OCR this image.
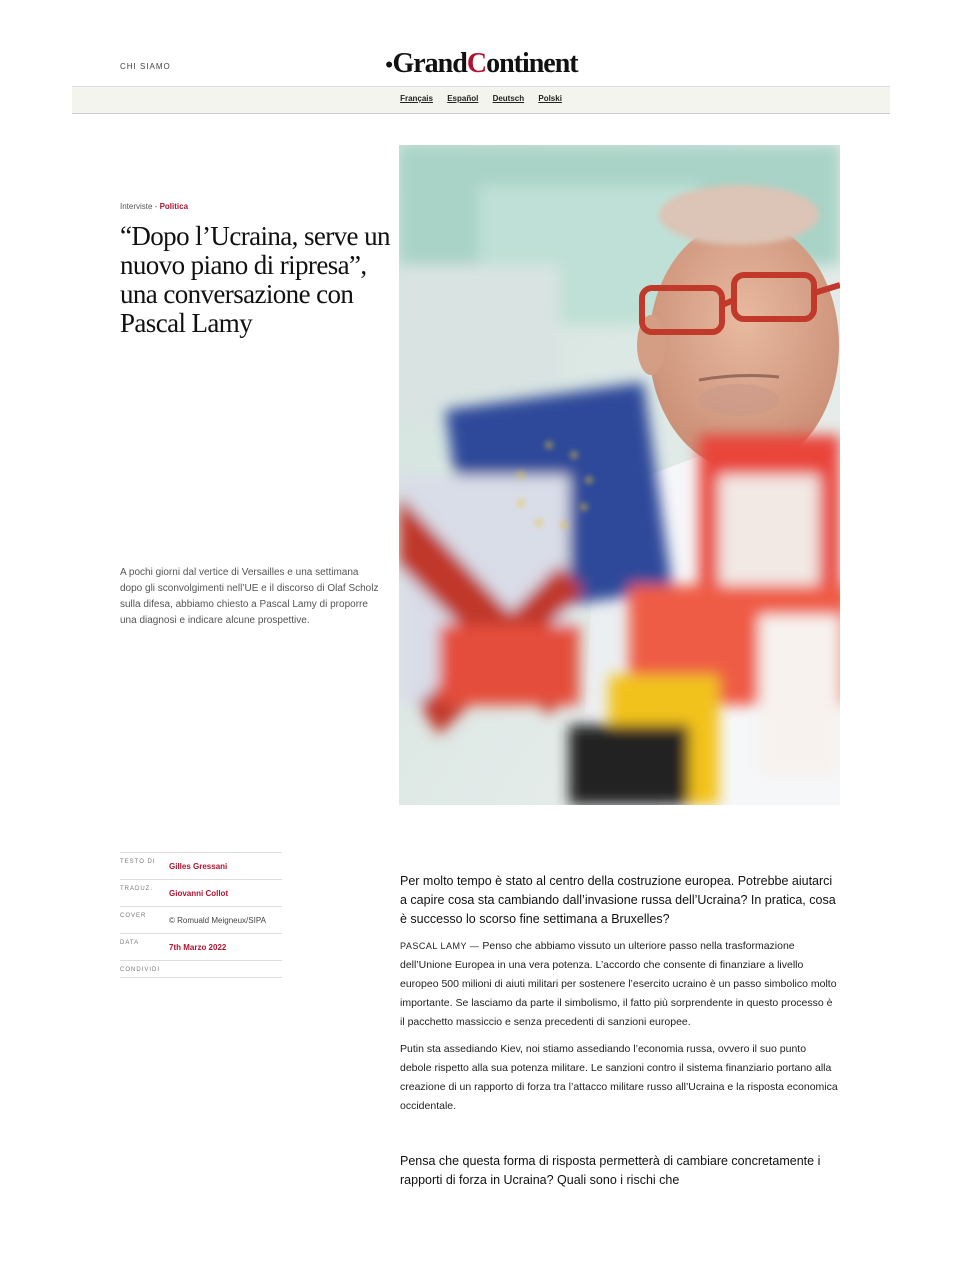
CHI SIAMO	●GrandContinent
Français Español Deutsch Polski
Interviste - Politica
“Dopo l’Ucraina, serve un nuovo piano di ripresa”, una conversazione con Pascal Lamy

A pochi giorni dal vertice di Versailles e una settimana dopo gli sconvolgimenti nell’UE e il discorso di Olaf Scholz sulla difesa, abbiamo chiesto a Pascal Lamy di proporre una diagnosi e indicare alcune prospettive.

TESTO DI	Gilles Gressani
TRADUZ.	Giovanni Collot
COVER	© Romuald Meigneux/SIPA
DATA	7th Marzo 2022
CONDIVIDI

Per molto tempo è stato al centro della costruzione europea. Potrebbe aiutarci a capire cosa sta cambiando dall’invasione russa dell’Ucraina? In pratica, cosa è successo lo scorso fine settimana a Bruxelles?

PASCAL LAMY — Penso che abbiamo vissuto un ulteriore passo nella trasformazione dell’Unione Europea in una vera potenza. L’accordo che consente di finanziare a livello europeo 500 milioni di aiuti militari per sostenere l’esercito ucraino è un passo simbolico molto importante. Se lasciamo da parte il simbolismo, il fatto più sorprendente in questo processo è il pacchetto massiccio e senza precedenti di sanzioni europee.

Putin sta assediando Kiev, noi stiamo assediando l’economia russa, ovvero il suo punto debole rispetto alla sua potenza militare. Le sanzioni contro il sistema finanziario portano alla creazione di un rapporto di forza tra l’attacco militare russo all’Ucraina e la risposta economica occidentale.

Pensa che questa forma di risposta permetterà di cambiare concretamente i rapporti di forza in Ucraina? Quali sono i rischi che
